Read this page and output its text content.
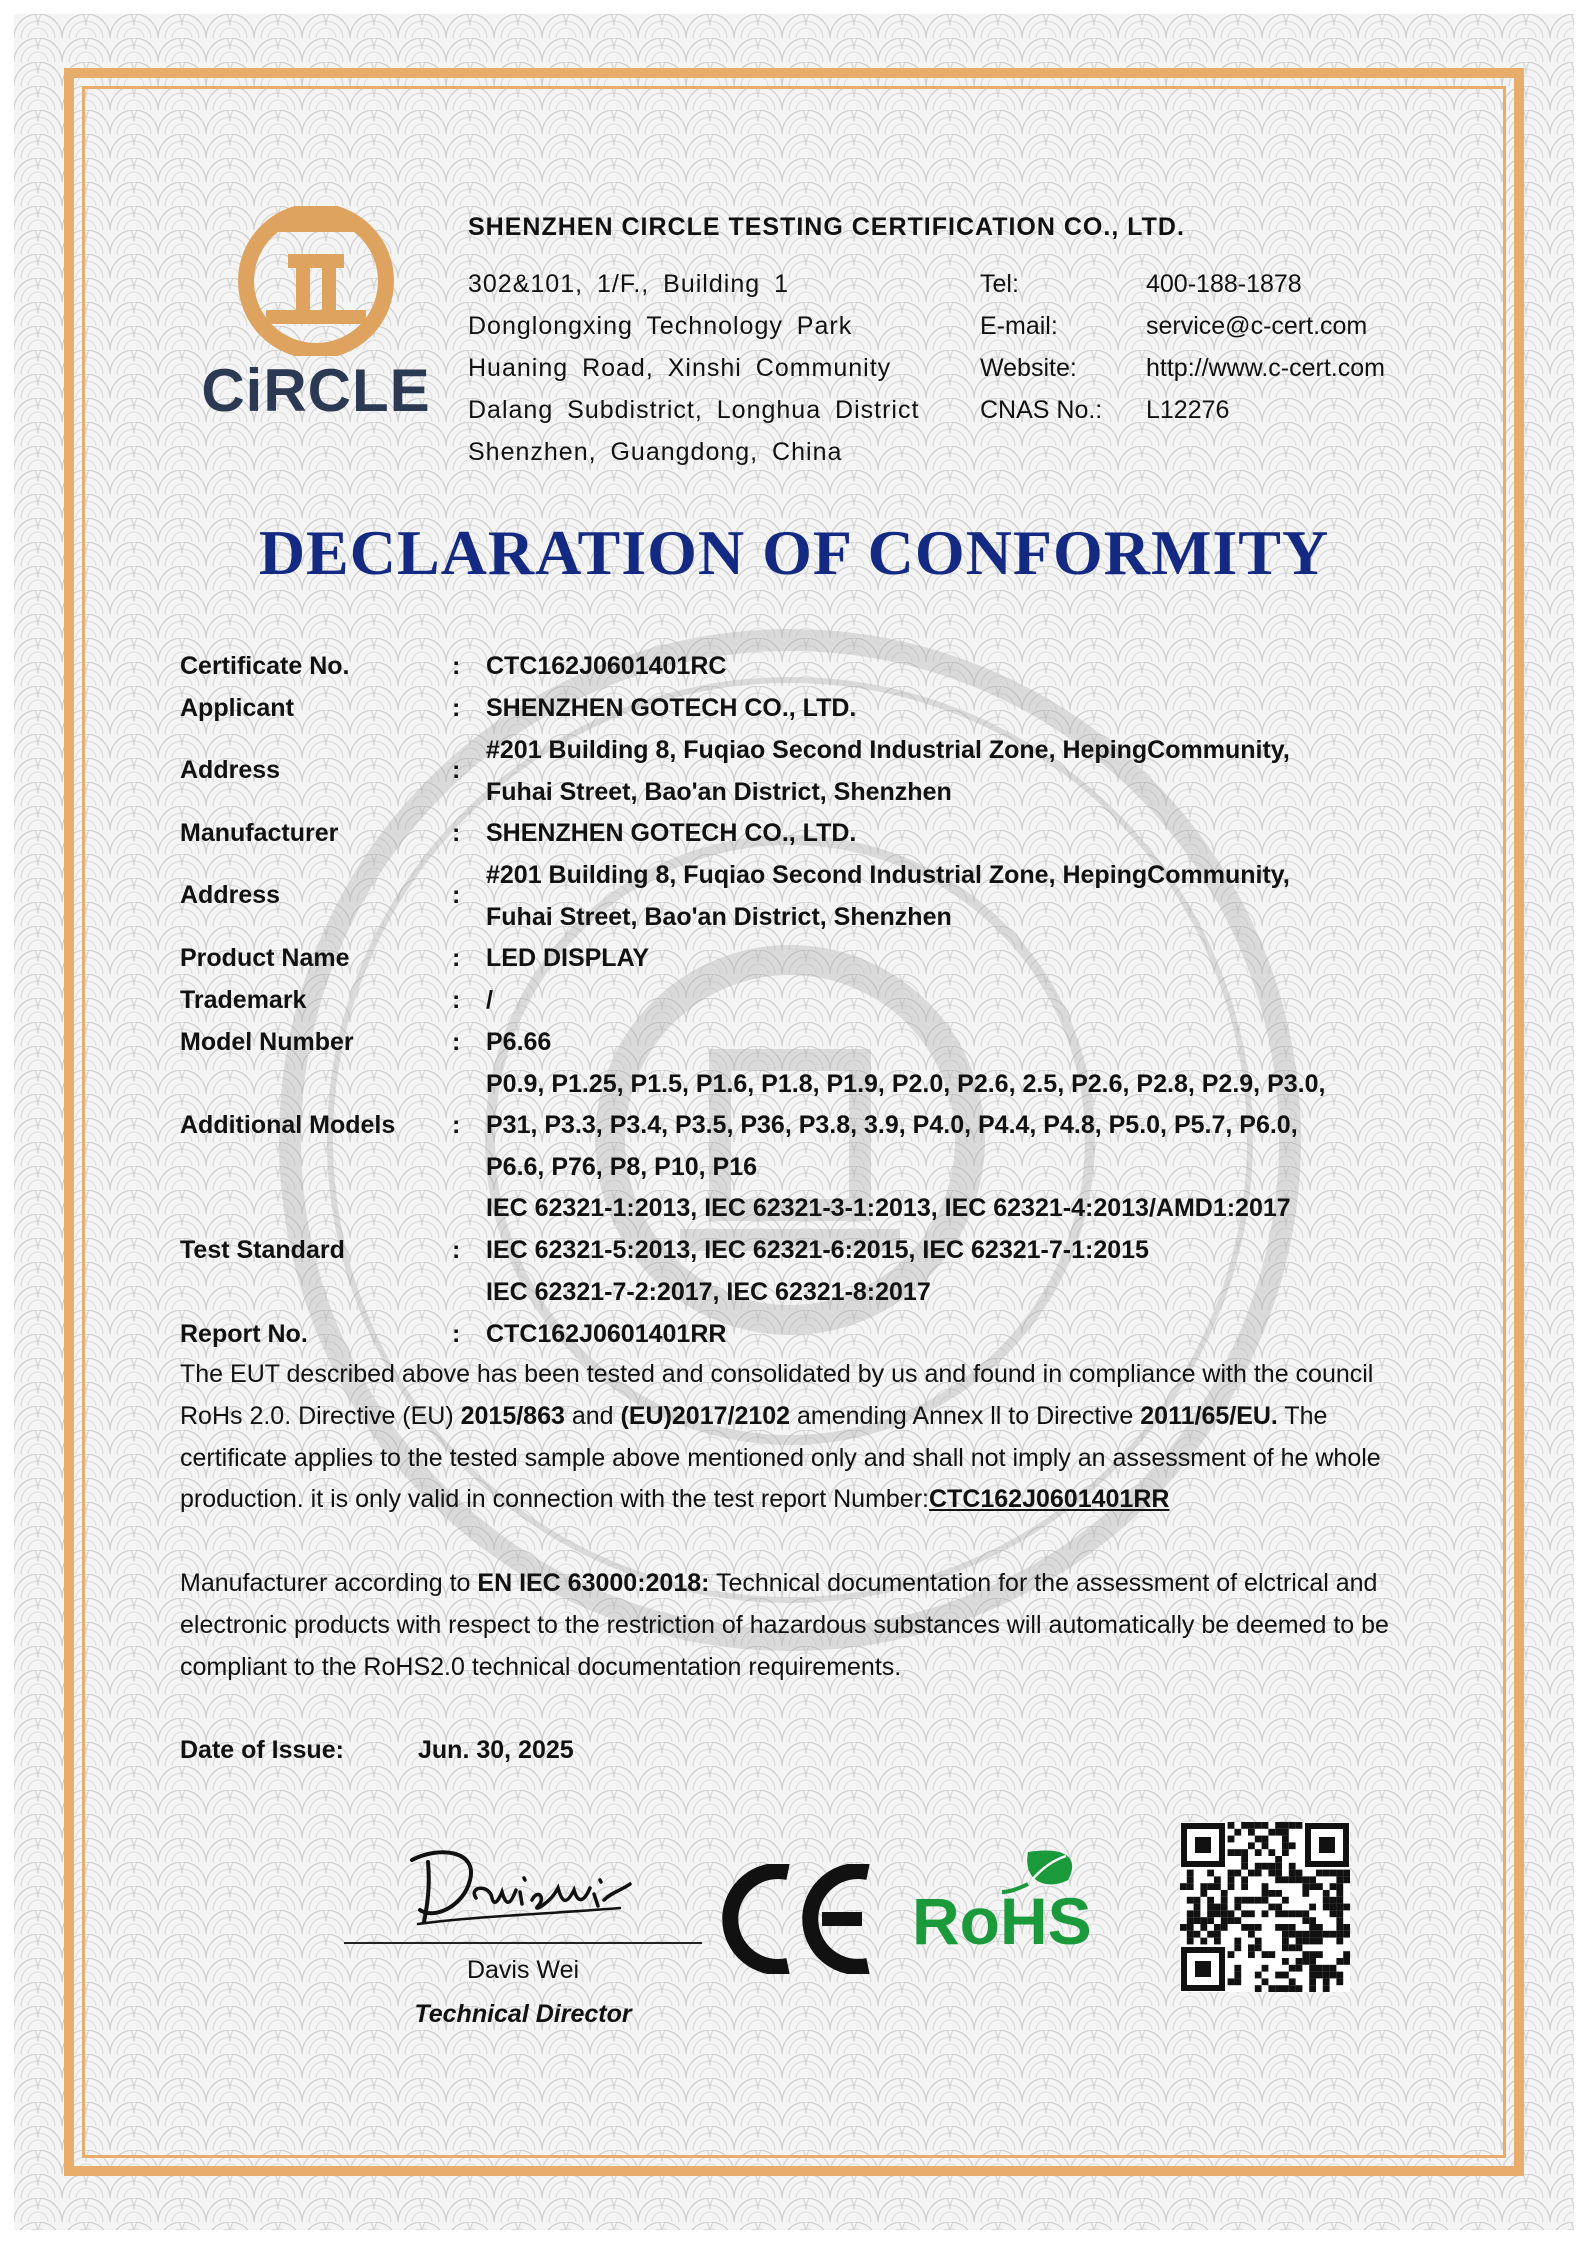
CiRCLE
SHENZHEN CIRCLE TESTING CERTIFICATION CO., LTD.
302&101, 1/F., Building 1
Donglongxing Technology Park
Huaning Road, Xinshi Community
Dalang Subdistrict, Longhua District
Shenzhen, Guangdong, China
Tel:	400-188-1878
E-mail:	service@c-cert.com
Website:	http://www.c-cert.com
CNAS No.: L12276
DECLARATION OF CONFORMITY
Certificate No.	: CTC162J0601401RC
Applicant	: SHENZHEN GOTECH CO., LTD.
Address	:
#201 Building 8, Fuqiao Second Industrial Zone, HepingCommunity,
Fuhai Street, Bao'an District, Shenzhen
Manufacturer	: SHENZHEN GOTECH CO., LTD.
Address	:
#201 Building 8, Fuqiao Second Industrial Zone, HepingCommunity,
Fuhai Street, Bao'an District, Shenzhen
Product Name	: LED DISPLAY
Trademark	: /
Model Number	: P6.66
Additional Models :
P0.9, P1.25, P1.5, P1.6, P1.8, P1.9, P2.0, P2.6, 2.5, P2.6, P2.8, P2.9, P3.0,
P31, P3.3, P3.4, P3.5, P36, P3.8, 3.9, P4.0, P4.4, P4.8, P5.0, P5.7, P6.0,
P6.6, P76, P8, P10, P16
Test Standard	:
IEC 62321-1:2013, IEC 62321-3-1:2013, IEC 62321-4:2013/AMD1:2017
IEC 62321-5:2013, IEC 62321-6:2015, IEC 62321-7-1:2015
IEC 62321-7-2:2017, IEC 62321-8:2017
Report No.	: CTC162J0601401RR
The EUT described above has been tested and consolidated by us and found in compliance with the council RoHs 2.0. Directive (EU) 2015/863 and (EU)2017/2102 amending Annex ll to Directive 2011/65/EU. The certificate applies to the tested sample above mentioned only and shall not imply an assessment of he whole production. it is only valid in connection with the test report Number:CTC162J0601401RR
Manufacturer according to EN IEC 63000:2018: Technical documentation for the assessment of elctrical and electronic products with respect to the restriction of hazardous substances will automatically be deemed to be compliant to the RoHS2.0 technical documentation requirements.
Date of Issue:	Jun. 30, 2025
Davis Wei
Technical Director
RoHS
